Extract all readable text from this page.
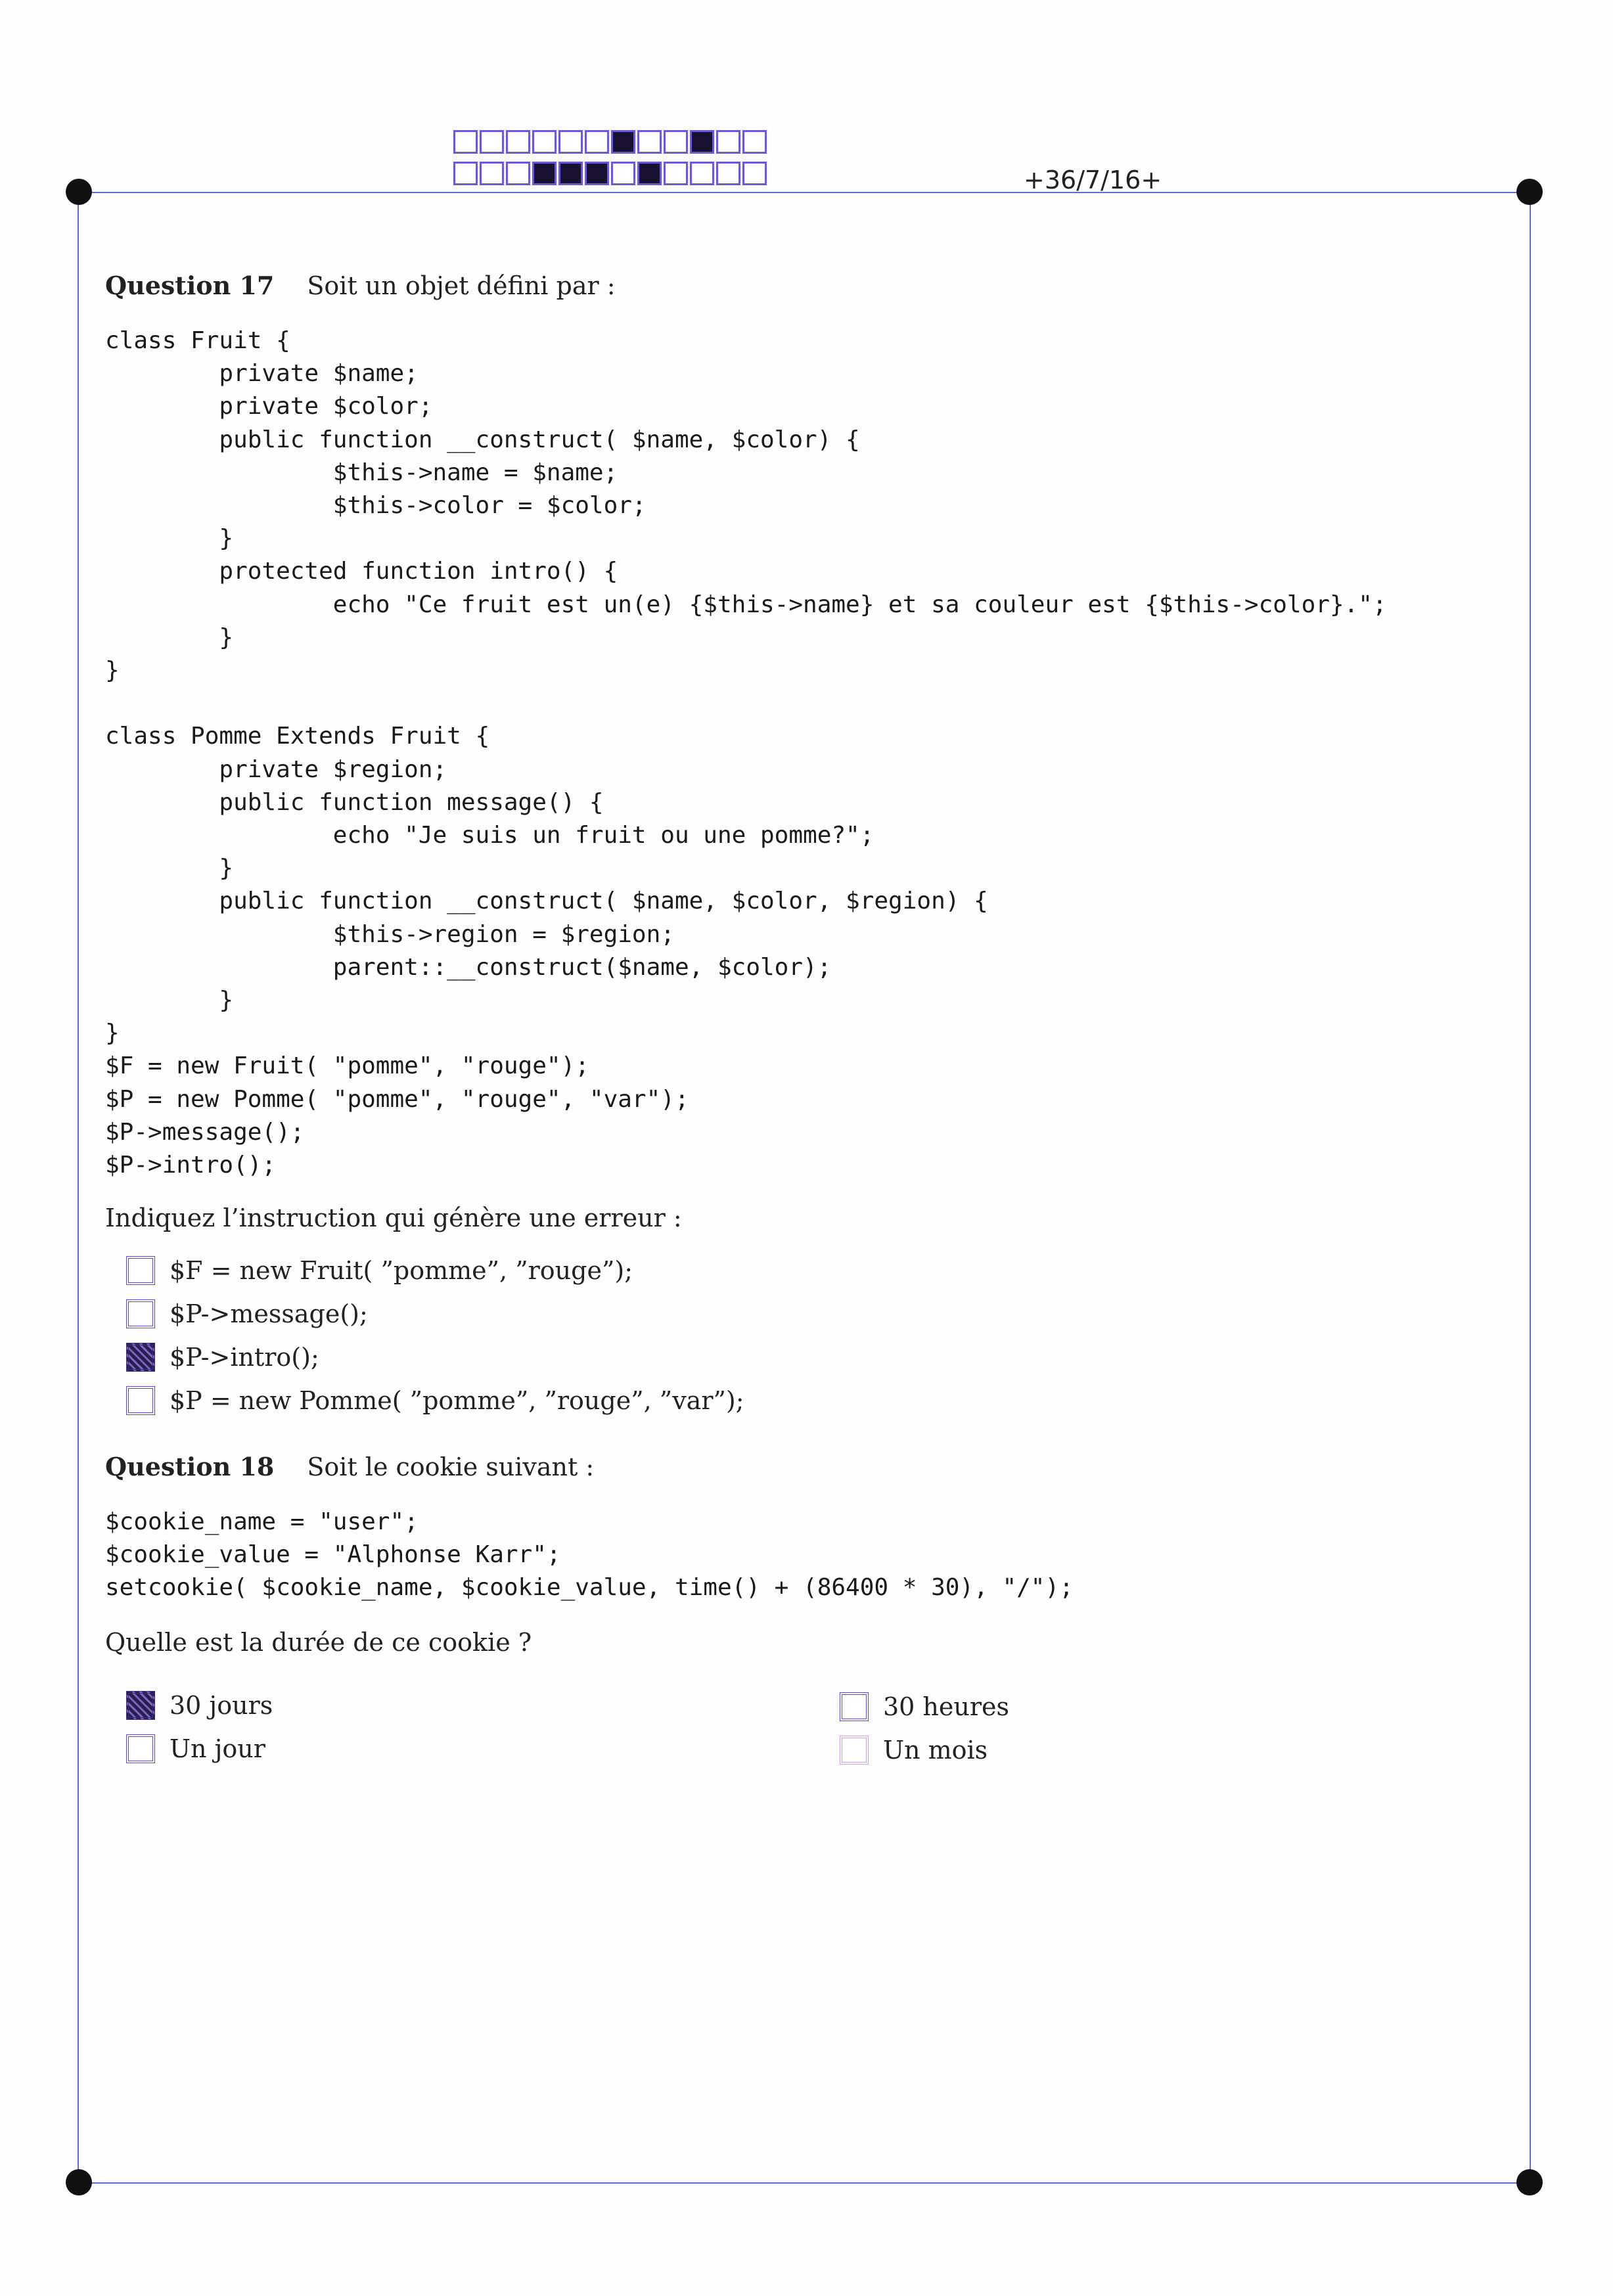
+36/7/16+
Question 17 Soit un objet défini par :
class Fruit {
private $name;
private $color;
public function __construct( $name, $color) {
$this->name = $name;
$this->color = $color;
}
protected function intro() {
echo "Ce fruit est un(e) {$this->name} et sa couleur est {$this->color}.";
}
}

class Pomme Extends Fruit {
private $region;
public function message() {
echo "Je suis un fruit ou une pomme?";
}
public function __construct( $name, $color, $region) {
$this->region = $region;
parent::__construct($name, $color);
}
}
$F = new Fruit( "pomme", "rouge");
$P = new Pomme( "pomme", "rouge", "var");
$P->message();
$P->intro();
Indiquez l’instruction qui génère une erreur :
$F = new Fruit( ”pomme”, ”rouge”);
$P->message();
$P->intro();
$P = new Pomme( ”pomme”, ”rouge”, ”var”);
Question 18 Soit le cookie suivant :
$cookie_name = "user";
$cookie_value = "Alphonse Karr";
setcookie( $cookie_name, $cookie_value, time() + (86400 * 30), "/");
Quelle est la durée de ce cookie ?
30 jours	30 heures
Un jour	Un mois
